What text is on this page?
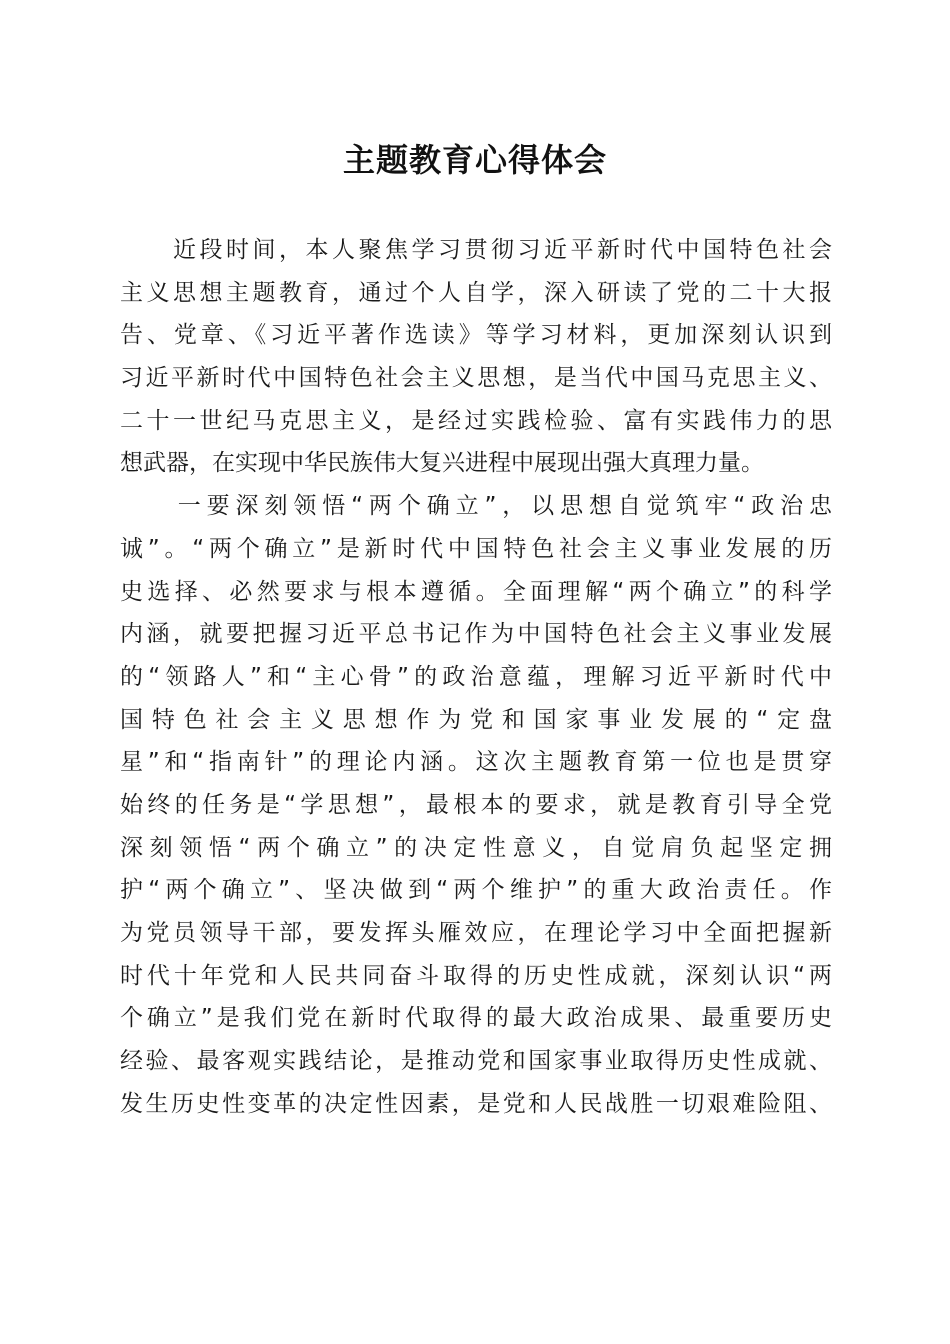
主题教育心得体会
　　近段时间，本人聚焦学习贯彻习近平新时代中国特色社会
主义思想主题教育，通过个人自学，深入研读了党的二十大报
告、党章、《习近平著作选读》等学习材料，更加深刻认识到
习近平新时代中国特色社会主义思想，是当代中国马克思主义、
二十一世纪马克思主义，是经过实践检验、富有实践伟力的思
想武器，在实现中华民族伟大复兴进程中展现出强大真理力量。
　　一要深刻领悟“两个确立”，以思想自觉筑牢“政治忠
诚”。“两个确立”是新时代中国特色社会主义事业发展的历
史选择、必然要求与根本遵循。全面理解“两个确立”的科学
内涵，就要把握习近平总书记作为中国特色社会主义事业发展
的“领路人”和“主心骨”的政治意蕴，理解习近平新时代中
国特色社会主义思想作为党和国家事业发展的“定盘
星”和“指南针”的理论内涵。这次主题教育第一位也是贯穿
始终的任务是“学思想”，最根本的要求，就是教育引导全党
深刻领悟“两个确立”的决定性意义，自觉肩负起坚定拥
护“两个确立”、坚决做到“两个维护”的重大政治责任。作
为党员领导干部，要发挥头雁效应，在理论学习中全面把握新
时代十年党和人民共同奋斗取得的历史性成就，深刻认识“两
个确立”是我们党在新时代取得的最大政治成果、最重要历史
经验、最客观实践结论，是推动党和国家事业取得历史性成就、
发生历史性变革的决定性因素，是党和人民战胜一切艰难险阻、
